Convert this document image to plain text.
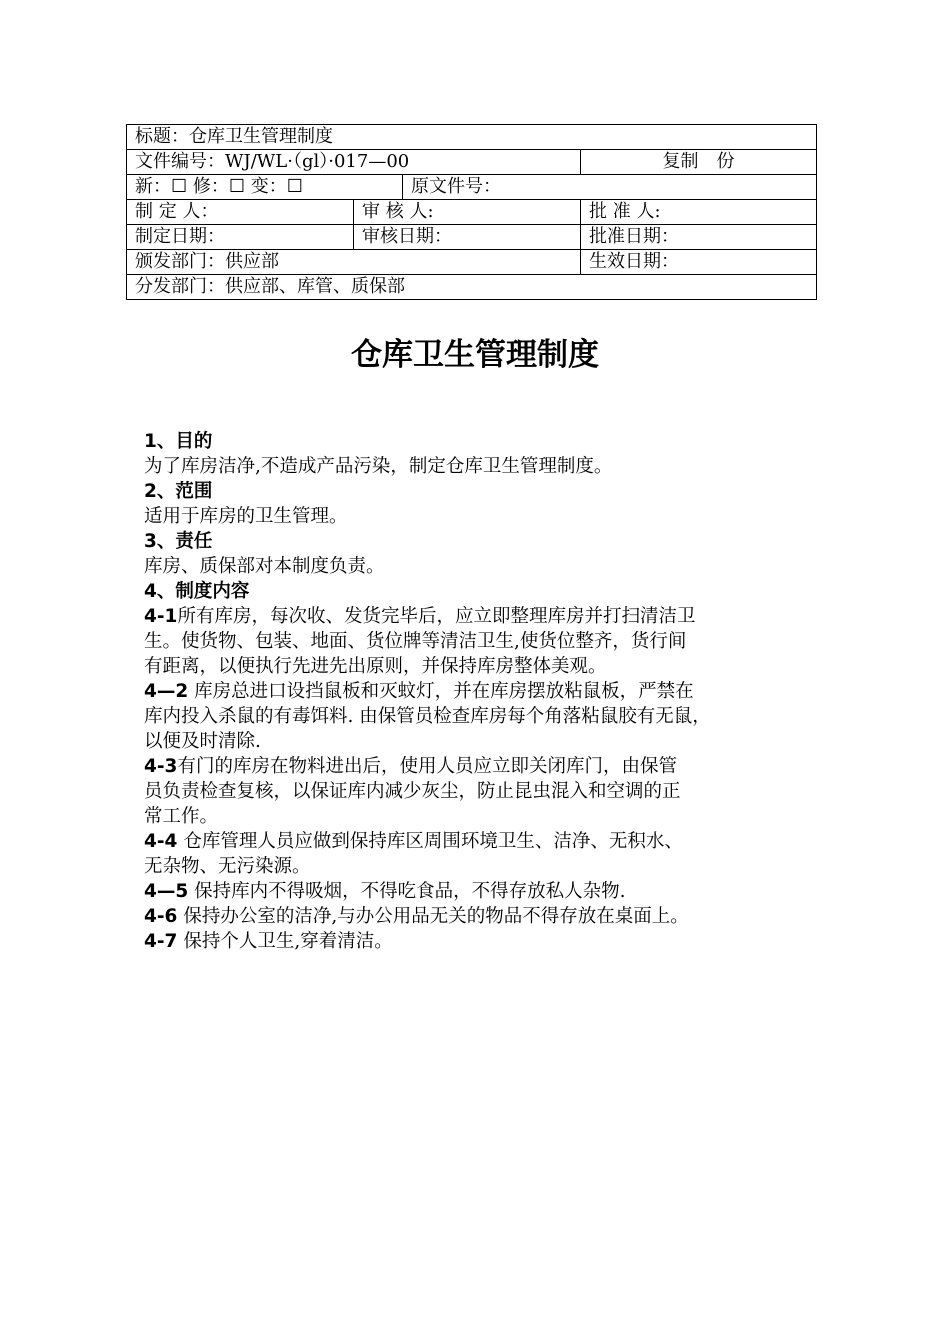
标题：仓库卫生管理制度			
文件编号：WJ/WL·（gl）·017—00			复制　份
新：☐ 修：☐ 变：☐		原文件号：	
制 定 人：	审 核 人:		批 准 人:
制定日期：	审核日期：		批准日期：
颁发部门：供应部			生效日期：
分发部门：供应部、库管、质保部			
仓库卫生管理制度

1、目的

为了库房洁净,不造成产品污染，制定仓库卫生管理制度。

2、范围

适用于库房的卫生管理。

3、责任

库房、质保部对本制度负责。

4、制度内容

4-1所有库房，每次收、发货完毕后，应立即整理库房并打扫清洁卫
生。使货物、包装、地面、货位牌等清洁卫生,使货位整齐，货行间
有距离，以便执行先进先出原则，并保持库房整体美观。

4—2 库房总进口设挡鼠板和灭蚊灯，并在库房摆放粘鼠板，严禁在
库内投入杀鼠的有毒饵料. 由保管员检查库房每个角落粘鼠胶有无鼠，
以便及时清除.

4-3有门的库房在物料进出后，使用人员应立即关闭库门，由保管
员负责检查复核，以保证库内减少灰尘，防止昆虫混入和空调的正
常工作。

4-4 仓库管理人员应做到保持库区周围环境卫生、洁净、无积水、
无杂物、无污染源。

4—5 保持库内不得吸烟，不得吃食品，不得存放私人杂物.

4-6 保持办公室的洁净,与办公用品无关的物品不得存放在桌面上。

4-7 保持个人卫生,穿着清洁。
